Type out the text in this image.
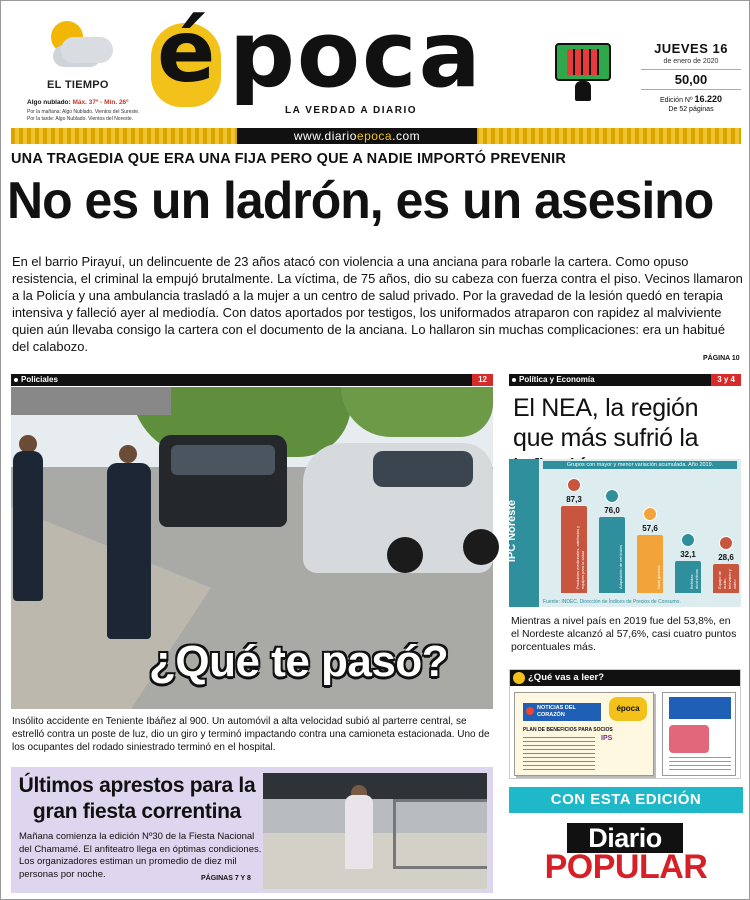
EL TIEMPO
Algo nublado: Máx. 37º - Mín. 26º
Por la mañana: Algo Nublado. Vientos del Sureste.
Por la tarde: Algo Nublado. Vientos del Noreste.
é poca
LA VERDAD A DIARIO
JUEVES 16
de enero de 2020
50,00
Edición Nº 16.220
De 52 páginas
www.diarioepoca.com
UNA TRAGEDIA QUE ERA UNA FIJA PERO QUE A NADIE IMPORTÓ PREVENIR
No es un ladrón, es un asesino
En el barrio Pirayuí, un delincuente de 23 años atacó con violencia a una anciana para robarle la cartera. Como opuso resistencia, el criminal la empujó brutalmente. La víctima, de 75 años, dio su cabeza con fuerza contra el piso. Vecinos llamaron a la Policía y una ambulancia trasladó a la mujer a un centro de salud privado. Por la gravedad de la lesión quedó en terapia intensiva y falleció ayer al mediodía. Con datos aportados por testigos, los uniformados atraparon con rapidez al malviviente quien aún llevaba consigo la cartera con el documento de la anciana. Lo hallaron sin muchas complicaciones: era un habitué del calabozo.
PÁGINA 10
Policiales	12
¿Qué te pasó?
Insólito accidente en Teniente Ibáñez al 900. Un automóvil a alta velocidad subió al parterre central, se estrelló contra un poste de luz, dio un giro y terminó impactando contra una camioneta estacionada. Uno de los ocupantes del rodado siniestrado terminó en el hospital.
Últimos aprestos para la gran fiesta correntina
Mañana comienza la edición Nº30 de la Fiesta Nacional del Chamamé. El anfiteatro llega en óptimas condiciones. Los organizadores estiman un promedio de diez mil personas por noche.	PÁGINAS 7 Y 8
Política y Economía	3 y 4
El NEA, la región que más sufrió la
IPC Noreste
Grupos con mayor y menor variación acumulada. Año 2019.
Fuente: INDEC. Dirección de Índices de Precios de Consumo.
87,3
Productos medicinales, artefactos y equipos para la salud
76,0
Adquisición de vehículos
57,6
Nivel general
32,1
Bebidas alcohólicas
28,6
Equipo de audio, televisión y video
Mientras a nivel país en 2019 fue del 53,8%, en el Nordeste alcanzó al 57,6%, casi cuatro puntos porcentuales más.
¿Qué vas a leer?
NOTICIAS DEL CORAZÓN
época
PLAN DE BENEFICIOS PARA SOCIOS
IPS
CON ESTA EDICIÓN
Diario
POPULAR
